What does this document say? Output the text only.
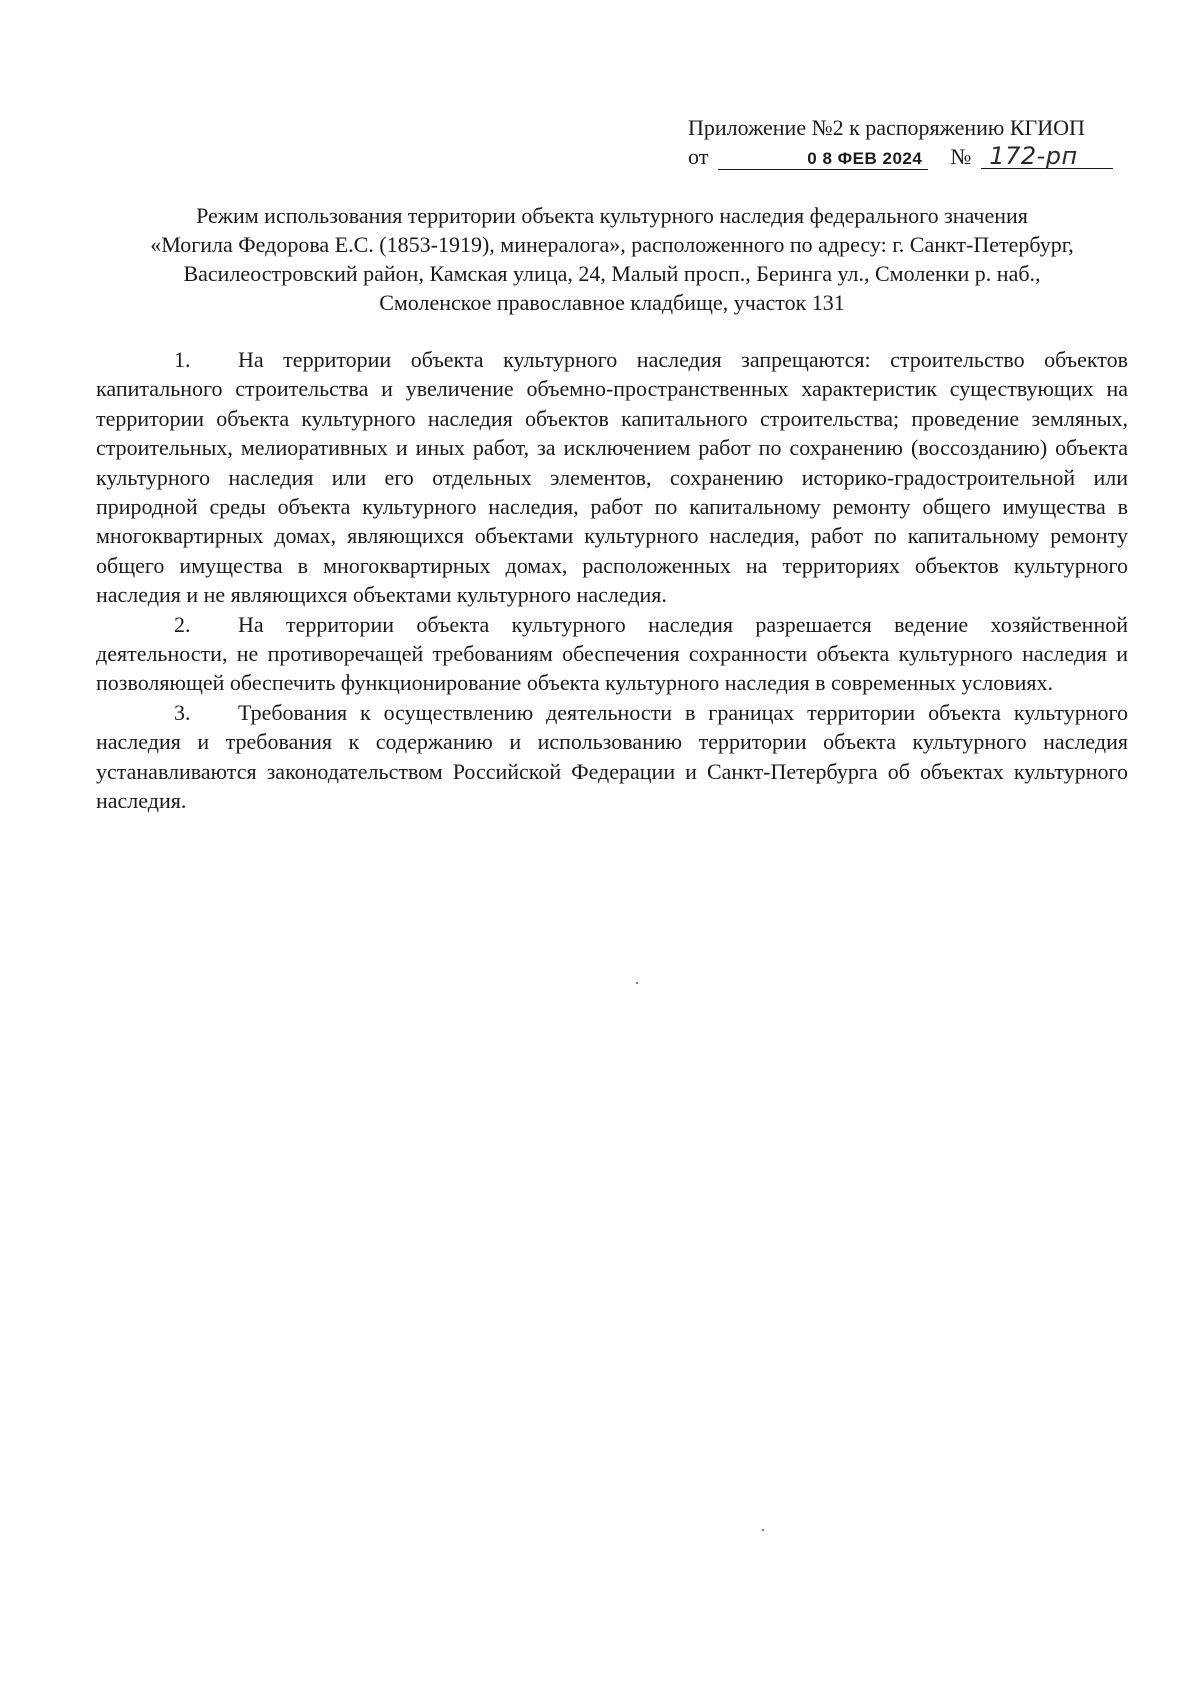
Приложение №2 к распоряжению КГИОП
от	0 8 ФЕВ 2024 № 172-рп
Режим использования территории объекта культурного наследия федерального значения
«Могила Федорова Е.С. (1853-1919), минералога», расположенного по адресу: г. Санкт-Петербург,
Василеостровский район, Камская улица, 24, Малый просп., Беринга ул., Смоленки р. наб.,
Смоленское православное кладбище, участок 131

1. На территории объекта культурного наследия запрещаются: строительство объектов капитального строительства и увеличение объемно-пространственных характеристик существующих на территории объекта культурного наследия объектов капитального строительства; проведение земляных, строительных, мелиоративных и иных работ, за исключением работ по сохранению (воссозданию) объекта культурного наследия или его отдельных элементов, сохранению историко-градостроительной или природной среды объекта культурного наследия, работ по капитальному ремонту общего имущества в многоквартирных домах, являющихся объектами культурного наследия, работ по капитальному ремонту общего имущества в многоквартирных домах, расположенных на территориях объектов культурного наследия и не являющихся объектами культурного наследия.

2. На территории объекта культурного наследия разрешается ведение хозяйственной деятельности, не противоречащей требованиям обеспечения сохранности объекта культурного наследия и позволяющей обеспечить функционирование объекта культурного наследия в современных условиях.

3. Требования к осуществлению деятельности в границах территории объекта культурного наследия и требования к содержанию и использованию территории объекта культурного наследия устанавливаются законодательством Российской Федерации и Санкт-Петербурга об объектах культурного наследия.
